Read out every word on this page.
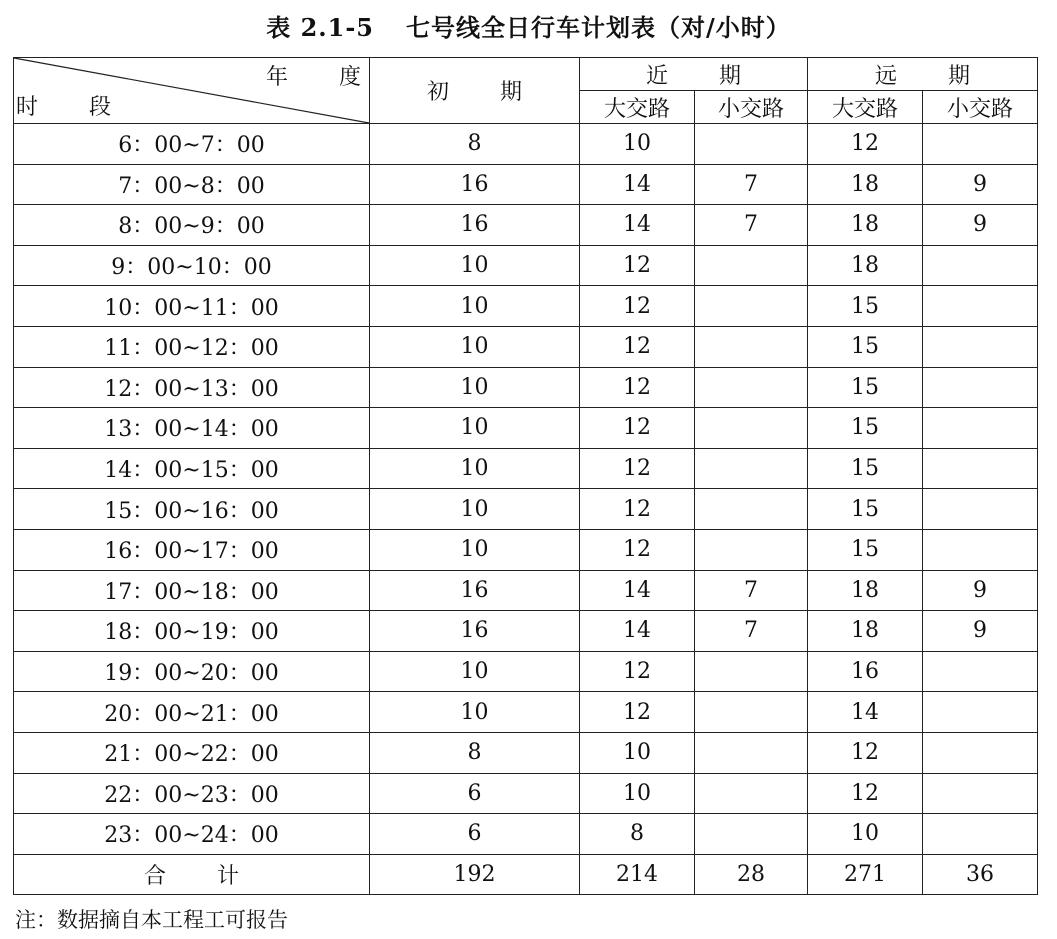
表 2.1-5 七号线全日行车计划表（对/小时）
年 度
时 段	初 期	近 期		远 期	
		大交路	小交路	大交路	小交路
6：00~7：00	8	10		12	
7：00~8：00	16	14	7	18	9
8：00~9：00	16	14	7	18	9
9：00~10：00	10	12		18	
10：00~11：00	10	12		15	
11：00~12：00	10	12		15	
12：00~13：00	10	12		15	
13：00~14：00	10	12		15	
14：00~15：00	10	12		15	
15：00~16：00	10	12		15	
16：00~17：00	10	12		15	
17：00~18：00	16	14	7	18	9
18：00~19：00	16	14	7	18	9
19：00~20：00	10	12		16	
20：00~21：00	10	12		14	
21：00~22：00	8	10		12	
22：00~23：00	6	10		12	
23：00~24：00	6	8		10	
合 计	192	214	28	271	36
注：数据摘自本工程工可报告
